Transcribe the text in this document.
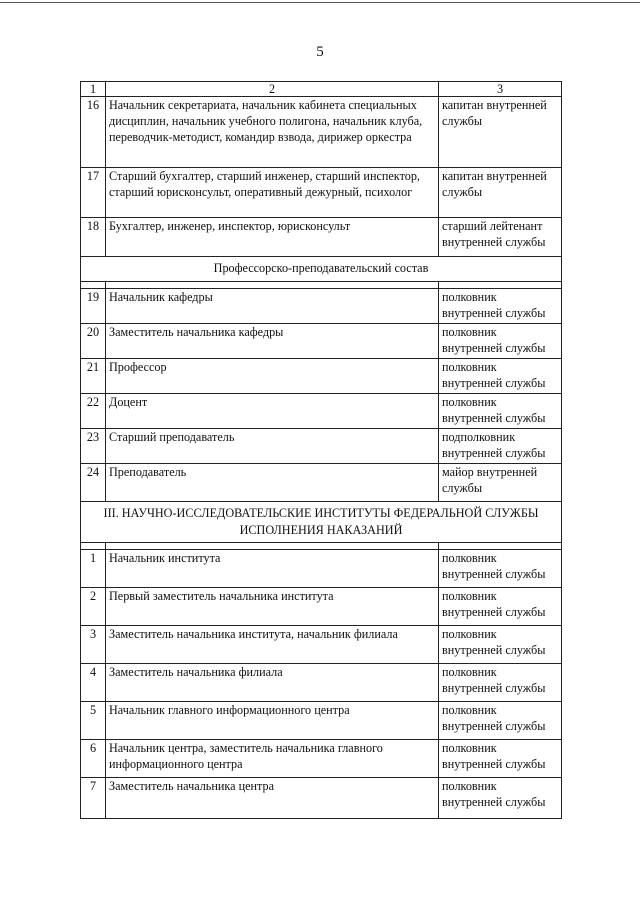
5
1	2	3
16	Начальник секретариата, начальник кабинета специальных дисциплин, начальник учебного полигона, начальник клуба, переводчик-методист, командир взвода, дирижер оркестра	капитан внутренней службы
17	Старший бухгалтер, старший инженер, старший инспектор, старший юрисконсульт, оперативный дежурный, психолог	капитан внутренней службы
18	Бухгалтер, инженер, инспектор, юрисконсульт	старший лейтенант внутренней службы
Профессорско-преподавательский состав		

19	Начальник кафедры	полковник внутренней службы
20	Заместитель начальника кафедры	полковник внутренней службы
21	Профессор	полковник внутренней службы
22	Доцент	полковник внутренней службы
23	Старший преподаватель	подполковник внутренней службы
24	Преподаватель	майор внутренней службы
III. НАУЧНО-ИССЛЕДОВАТЕЛЬСКИЕ ИНСТИТУТЫ ФЕДЕРАЛЬНОЙ СЛУЖБЫ ИСПОЛНЕНИЯ НАКАЗАНИЙ		

1	Начальник института	полковник внутренней службы
2	Первый заместитель начальника института	полковник внутренней службы
3	Заместитель начальника института, начальник филиала	полковник внутренней службы
4	Заместитель начальника филиала	полковник внутренней службы
5	Начальник главного информационного центра	полковник внутренней службы
6	Начальник центра, заместитель начальника главного информационного центра	полковник внутренней службы
7	Заместитель начальника центра	полковник внутренней службы
